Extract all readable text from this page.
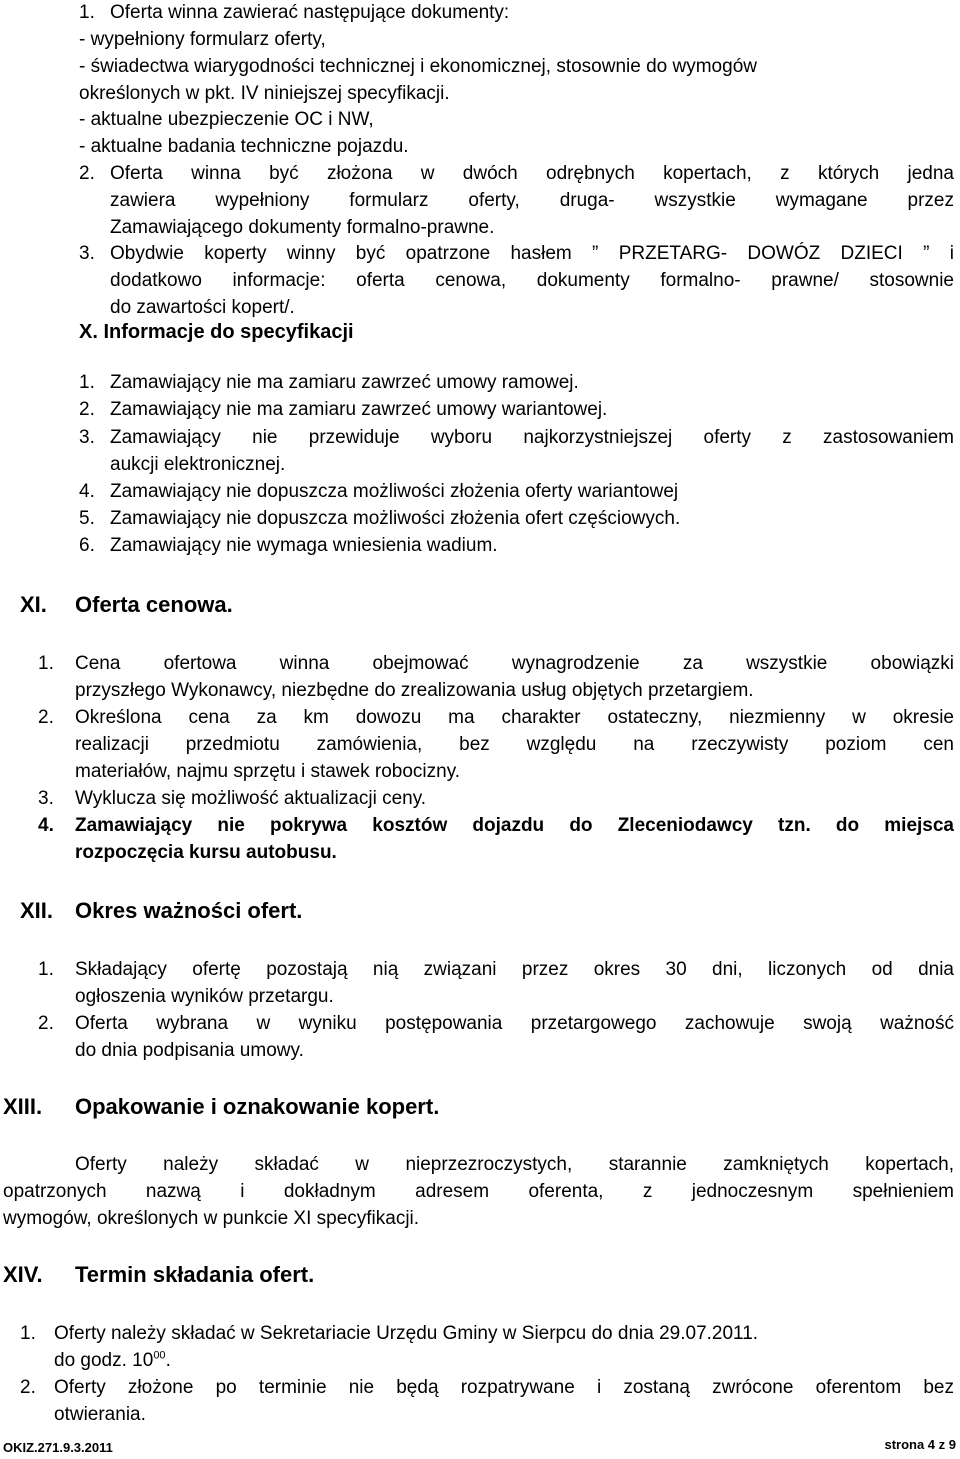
1. Oferta winna zawierać następujące dokumenty:
- wypełniony formularz oferty,
- świadectwa wiarygodności technicznej i ekonomicznej, stosownie do wymogów
określonych w pkt. IV niniejszej specyfikacji.
- aktualne ubezpieczenie OC i NW,
- aktualne badania techniczne pojazdu.
2. Oferta winna być złożona w dwóch odrębnych kopertach, z których jedna
zawiera wypełniony formularz oferty, druga- wszystkie wymagane przez
Zamawiającego dokumenty formalno-prawne.
3. Obydwie koperty winny być opatrzone hasłem ” PRZETARG- DOWÓZ DZIECI ” i
dodatkowo informacje: oferta cenowa, dokumenty formalno- prawne/ stosownie
do zawartości kopert/.
X. Informacje do specyfikacji
1. Zamawiający nie ma zamiaru zawrzeć umowy ramowej.
2. Zamawiający nie ma zamiaru zawrzeć umowy wariantowej.
3. Zamawiający nie przewiduje wyboru najkorzystniejszej oferty z zastosowaniem
aukcji elektronicznej.
4. Zamawiający nie dopuszcza możliwości złożenia oferty wariantowej
5. Zamawiający nie dopuszcza możliwości złożenia ofert częściowych.
6. Zamawiający nie wymaga wniesienia wadium.
XI. Oferta cenowa.
1. Cena ofertowa winna obejmować wynagrodzenie za wszystkie obowiązki
przyszłego Wykonawcy, niezbędne do zrealizowania usług objętych przetargiem.
2. Określona cena za km dowozu ma charakter ostateczny, niezmienny w okresie
realizacji przedmiotu zamówienia, bez względu na rzeczywisty poziom cen
materiałów, najmu sprzętu i stawek robocizny.
3. Wyklucza się możliwość aktualizacji ceny.
4. Zamawiający nie pokrywa kosztów dojazdu do Zleceniodawcy tzn. do miejsca
rozpoczęcia kursu autobusu.
XII. Okres ważności ofert.
1. Składający ofertę pozostają nią związani przez okres 30 dni, liczonych od dnia
ogłoszenia wyników przetargu.
2. Oferta wybrana w wyniku postępowania przetargowego zachowuje swoją ważność
do dnia podpisania umowy.
XIII. Opakowanie i oznakowanie kopert.
Oferty należy składać w nieprzezroczystych, starannie zamkniętych kopertach,
opatrzonych nazwą i dokładnym adresem oferenta, z jednoczesnym spełnieniem
wymogów, określonych w punkcie XI specyfikacji.
XIV. Termin składania ofert.
1. Oferty należy składać w Sekretariacie Urzędu Gminy w Sierpcu do dnia 29.07.2011.
do godz. $10^{00}$.
2. Oferty złożone po terminie nie będą rozpatrywane i zostaną zwrócone oferentom bez
otwierania.
OKIZ.271.9.3.2011	strona 4 z 9
